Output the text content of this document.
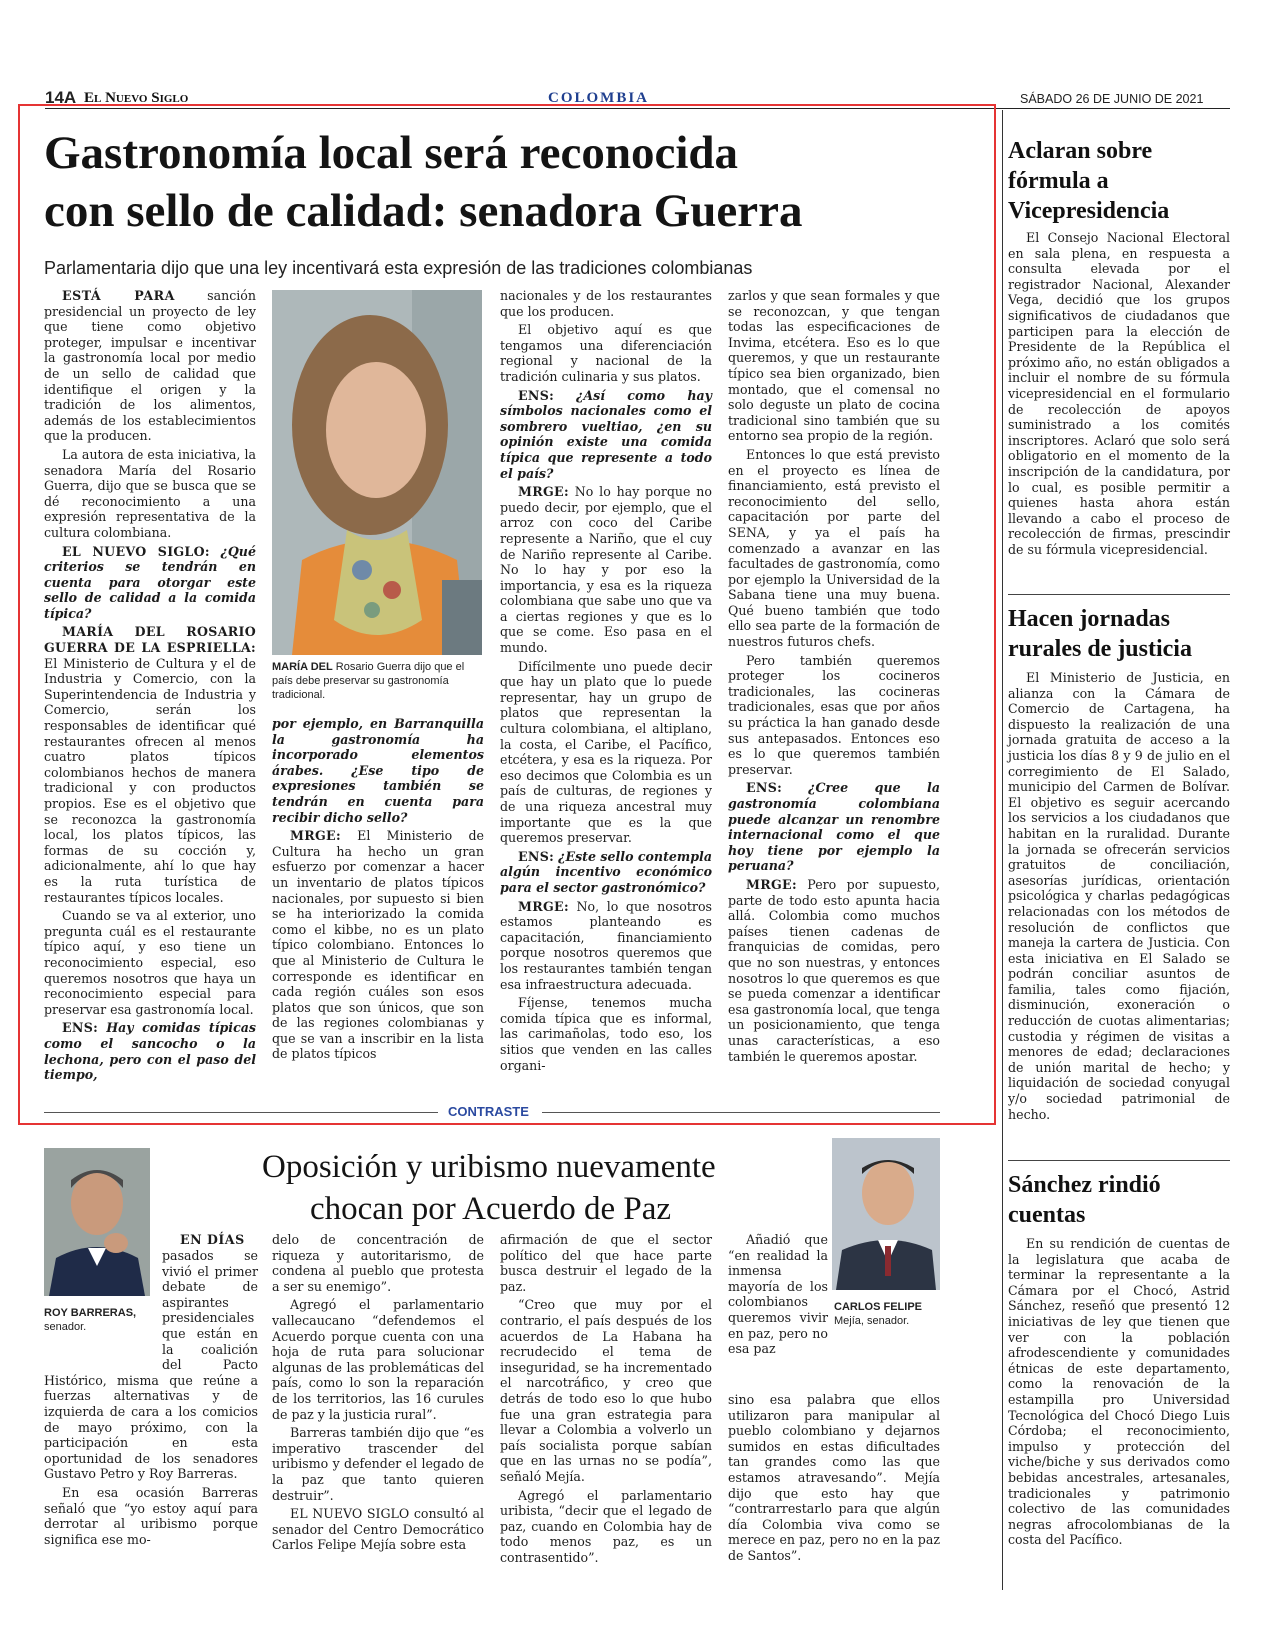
14A El Nuevo Siglo	COLOMBIA	SÁBADO 26 DE JUNIO DE 2021
Gastronomía local será reconocida
con sello de calidad: senadora Guerra
Parlamentaria dijo que una ley incentivará esta expresión de las tradiciones colombianas

ESTÁ PARA	sanción presidencial un proyecto de ley que tiene como objetivo proteger, impulsar e incentivar la gastronomía local por medio de un sello de calidad que identifique el origen y la tradición de los alimentos, además de los establecimientos que la producen.

La autora de esta iniciativa, la senadora María del Rosario Guerra, dijo que se busca que se dé reconocimiento a una expresión representativa de la cultura colombiana.

EL NUEVO SIGLO: ¿Qué criterios se tendrán en cuenta para otorgar este sello de calidad a la comida típica?

MARÍA DEL ROSARIO GUERRA DE LA ESPRIELLA: El Ministerio de Cultura y el de Industria y Comercio, con la Superintendencia de Industria y Comercio, serán los responsables de identificar qué restaurantes ofrecen al menos cuatro platos típicos colombianos hechos de manera tradicional y con productos propios. Ese es el objetivo que se reconozca la gastronomía local, los platos típicos, las formas de su cocción y, adicionalmente, ahí lo que hay es la ruta turística de restaurantes típicos locales.

Cuando se va al exterior, uno pregunta cuál es el restaurante típico aquí, y eso tiene un reconocimiento especial, eso queremos nosotros que haya un reconocimiento especial para preservar esa gastronomía local.

ENS: Hay comidas típicas como el sancocho o la lechona, pero con el paso del tiempo,

MARÍA DEL Rosario Guerra dijo que el país debe preservar su gastronomía tradicional.

por ejemplo, en Barranquilla la gastronomía ha incorporado elementos árabes. ¿Ese tipo de expresiones también se tendrán en cuenta para recibir dicho sello?

MRGE: El Ministerio de Cultura ha hecho un gran esfuerzo por comenzar a hacer un inventario de platos típicos nacionales, por supuesto si bien se ha interiorizado la comida como el kibbe, no es un plato típico colombiano. Entonces lo que al Ministerio de Cultura le corresponde es identificar en cada región cuáles son esos platos que son únicos, que son de las regiones colombianas y que se van a inscribir en la lista de platos típicos

nacionales y de los restaurantes que los producen.

El objetivo aquí es que tengamos una diferenciación regional y nacional de la tradición culinaria y sus platos.

ENS: ¿Así como hay símbolos nacionales como el sombrero vueltiao, ¿en su opinión existe una comida típica que represente a todo el país?

MRGE: No lo hay porque no puedo decir, por ejemplo, que el arroz con coco del Caribe represente a Nariño, que el cuy de Nariño represente al Caribe. No lo hay y por eso la importancia, y esa es la riqueza colombiana que sabe uno que va a ciertas regiones y que es lo que se come. Eso pasa en el mundo.

Difícilmente uno puede decir que hay un plato que lo puede representar, hay un grupo de platos que representan la cultura colombiana, el altiplano, la costa, el Caribe, el Pacífico, etcétera, y esa es la riqueza. Por eso decimos que Colombia es un país de culturas, de regiones y de una riqueza ancestral muy importante que es la que queremos preservar.

ENS: ¿Este sello contempla algún incentivo económico para el sector gastronómico?

MRGE: No, lo que nosotros estamos planteando es capacitación, financiamiento porque nosotros queremos que los restaurantes también tengan esa infraestructura adecuada.

Fíjense, tenemos mucha comida típica que es informal, las carimañolas, todo eso, los sitios que venden en las calles organi-

zarlos y que sean formales y que se reconozcan, y que tengan todas las especificaciones de Invima, etcétera. Eso es lo que queremos, y que un restaurante típico sea bien organizado, bien montado, que el comensal no solo deguste un plato de cocina tradicional sino también que su entorno sea propio de la región.

Entonces lo que está previsto en el proyecto es línea de financiamiento, está previsto el reconocimiento del sello, capacitación por parte del SENA, y ya el país ha comenzado a avanzar en las facultades de gastronomía, como por ejemplo la Universidad de la Sabana tiene una muy buena. Qué bueno también que todo ello sea parte de la formación de nuestros futuros chefs.

Pero también queremos proteger los cocineros tradicionales, las cocineras tradicionales, esas que por años su práctica la han ganado desde sus antepasados. Entonces eso es lo que queremos también preservar.

ENS: ¿Cree que la gastronomía colombiana puede alcanzar un renombre internacional como el que hoy tiene por ejemplo la peruana?

MRGE: Pero por supuesto, parte de todo esto apunta hacia allá. Colombia como muchos países tienen cadenas de franquicias de comidas, pero que no son nuestras, y entonces nosotros lo que queremos es que se pueda comenzar a identificar esa gastronomía local, que tenga un posicionamiento, que tenga unas características, a eso también le queremos apostar.

CONTRASTE
ROY BARRERAS,
senador.
Oposición y uribismo nuevamente
chocan por Acuerdo de Paz
CARLOS FELIPE
Mejía, senador.

EN DÍAS

pasados se vivió el primer debate de aspirantes presidenciales que están en la coalición del Pacto Histórico, misma que reúne a fuerzas alternativas y de izquierda de cara a los comicios de mayo próximo, con la participación en esta oportunidad de los senadores Gustavo Petro y Roy Barreras.

En esa ocasión Barreras señaló que “yo estoy aquí para derrotar al uribismo porque significa ese mo-

delo de concentración de riqueza y autoritarismo, de condena al pueblo que protesta a ser su enemigo”.

Agregó el parlamentario vallecaucano “defendemos el Acuerdo porque cuenta con una hoja de ruta para solucionar algunas de las problemáticas del país, como lo son la reparación de los territorios, las 16 curules de paz y la justicia rural”.

Barreras también dijo que “es imperativo trascender del uribismo y defender el legado de la paz que tanto quieren destruir”.

EL NUEVO SIGLO consultó al senador del Centro Democrático Carlos Felipe Mejía sobre esta

afirmación de que el sector político del que hace parte busca destruir el legado de la paz.

“Creo que muy por el contrario, el país después de los acuerdos de La Habana ha recrudecido el tema de inseguridad, se ha incrementado el narcotráfico, y creo que detrás de todo eso lo que hubo fue una gran estrategia para llevar a Colombia a volverlo un país socialista porque sabían que en las urnas no se podía”, señaló Mejía.

Agregó el parlamentario uribista, “decir que el legado de paz, cuando en Colombia hay de todo menos paz, es un contrasentido”.

Añadió que “en realidad la inmensa mayoría de los colombianos queremos vivir en paz, pero no esa paz

sino esa palabra que ellos utilizaron para manipular al pueblo colombiano y dejarnos sumidos en estas dificultades tan grandes como las que estamos atravesando”. Mejía dijo que esto hay que “contrarrestarlo para que algún día Colombia viva como se merece en paz, pero no en la paz de Santos”.

Aclaran sobre fórmula a Vicepresidencia

El Consejo Nacional Electoral en sala plena, en respuesta a consulta elevada por el registrador Nacional, Alexander Vega, decidió que los grupos significativos de ciudadanos que participen para la elección de Presidente de la República el próximo año, no están obligados a incluir el nombre de su fórmula vicepresidencial en el formulario de recolección de apoyos suministrado a los comités inscriptores. Aclaró que solo será obligatorio en el momento de la inscripción de la candidatura, por lo cual, es posible permitir a quienes hasta ahora están llevando a cabo el proceso de recolección de firmas, prescindir de su fórmula vicepresidencial.

Hacen jornadas rurales de justicia

El Ministerio de Justicia, en alianza con la Cámara de Comercio de Cartagena, ha dispuesto la realización de una jornada gratuita de acceso a la justicia los días 8 y 9 de julio en el corregimiento de El Salado, municipio del Carmen de Bolívar. El objetivo es seguir acercando los servicios a los ciudadanos que habitan en la ruralidad. Durante la jornada se ofrecerán servicios gratuitos de conciliación, asesorías jurídicas, orientación psicológica y charlas pedagógicas relacionadas con los métodos de resolución de conflictos que maneja la cartera de Justicia. Con esta iniciativa en El Salado se podrán conciliar asuntos de familia, tales como fijación, disminución, exoneración o reducción de cuotas alimentarias; custodia y régimen de visitas a menores de edad; declaraciones de unión marital de hecho; y liquidación de sociedad conyugal y/o sociedad patrimonial de hecho.

Sánchez rindió cuentas

En su rendición de cuentas de la legislatura que acaba de terminar la representante a la Cámara por el Chocó, Astrid Sánchez, reseñó que presentó 12 iniciativas de ley que tienen que ver con la población afrodescendiente y comunidades étnicas de este departamento, como la renovación de la estampilla pro Universidad Tecnológica del Chocó Diego Luis Córdoba; el reconocimiento, impulso y protección del viche/biche y sus derivados como bebidas ancestrales, artesanales, tradicionales y patrimonio colectivo de las comunidades negras afrocolombianas de la costa del Pacífico.
